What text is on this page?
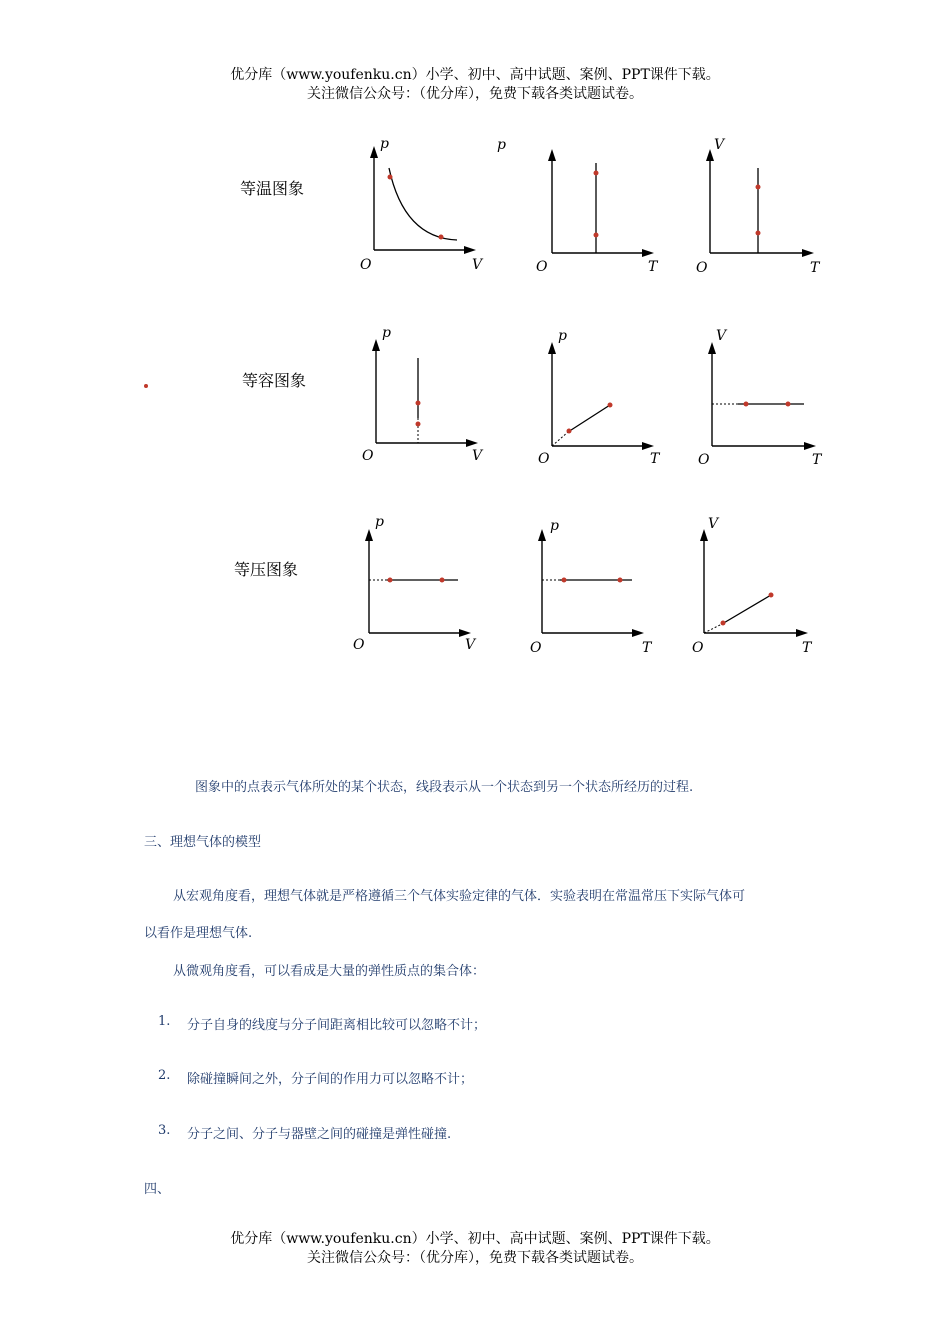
优分库（www.youfenku.cn）小学、初中、高中试题、案例、PPT课件下载。
关注微信公众号：（优分库），免费下载各类试题试卷。
等温图象
等容图象
等压图象
p
O	V
p
O	T
V
O	T
p
O	V
p
O	T
V
O	T
p
O	V
p
O	T
V
O	T
图象中的点表示气体所处的某个状态，线段表示从一个状态到另一个状态所经历的过程.
三、理想气体的模型
从宏观角度看，理想气体就是严格遵循三个气体实验定律的气体．实验表明在常温常压下实际气体可
以看作是理想气体.
从微观角度看，可以看成是大量的弹性质点的集合体：
1. 分子自身的线度与分子间距离相比较可以忽略不计；
2. 除碰撞瞬间之外，分子间的作用力可以忽略不计；
3. 分子之间、分子与器壁之间的碰撞是弹性碰撞.
四、
优分库（www.youfenku.cn）小学、初中、高中试题、案例、PPT课件下载。
关注微信公众号：（优分库），免费下载各类试题试卷。
